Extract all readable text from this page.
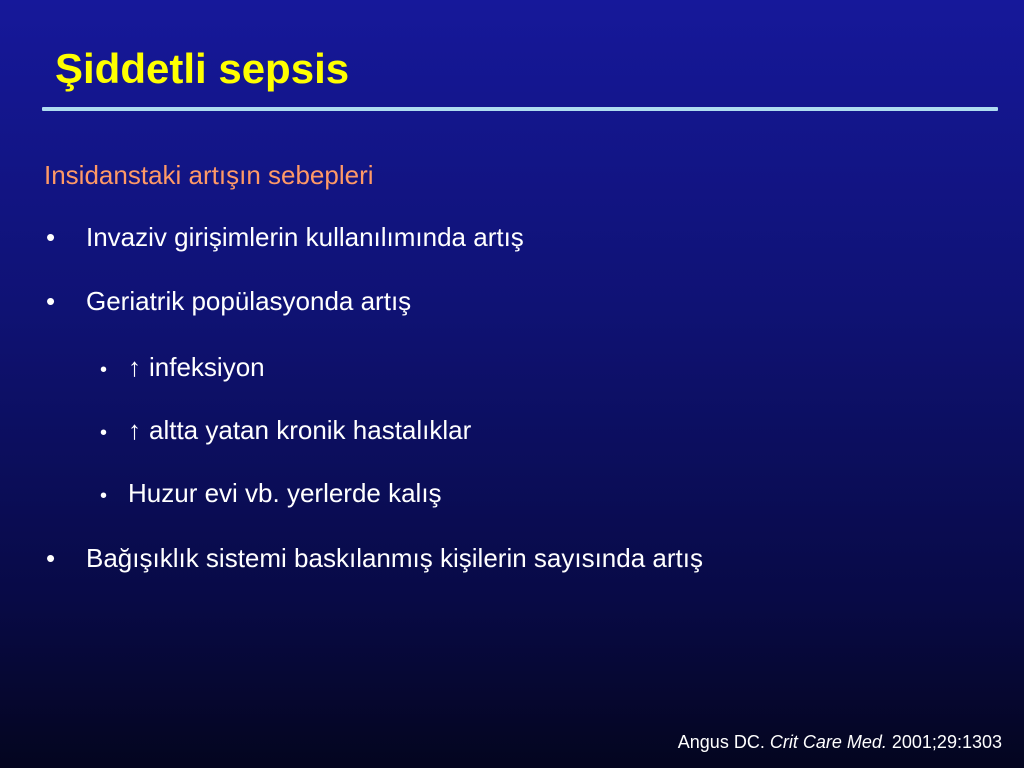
Şiddetli sepsis
Insidanstaki artışın sebepleri
•	Invaziv girişimlerin kullanılımında artış
•	Geriatrik popülasyonda artış
• ↑ infeksiyon
• ↑ altta yatan kronik hastalıklar
• Huzur evi vb. yerlerde kalış
•	Bağışıklık sistemi baskılanmış kişilerin sayısında artış
Angus DC. Crit Care Med. 2001;29:1303
